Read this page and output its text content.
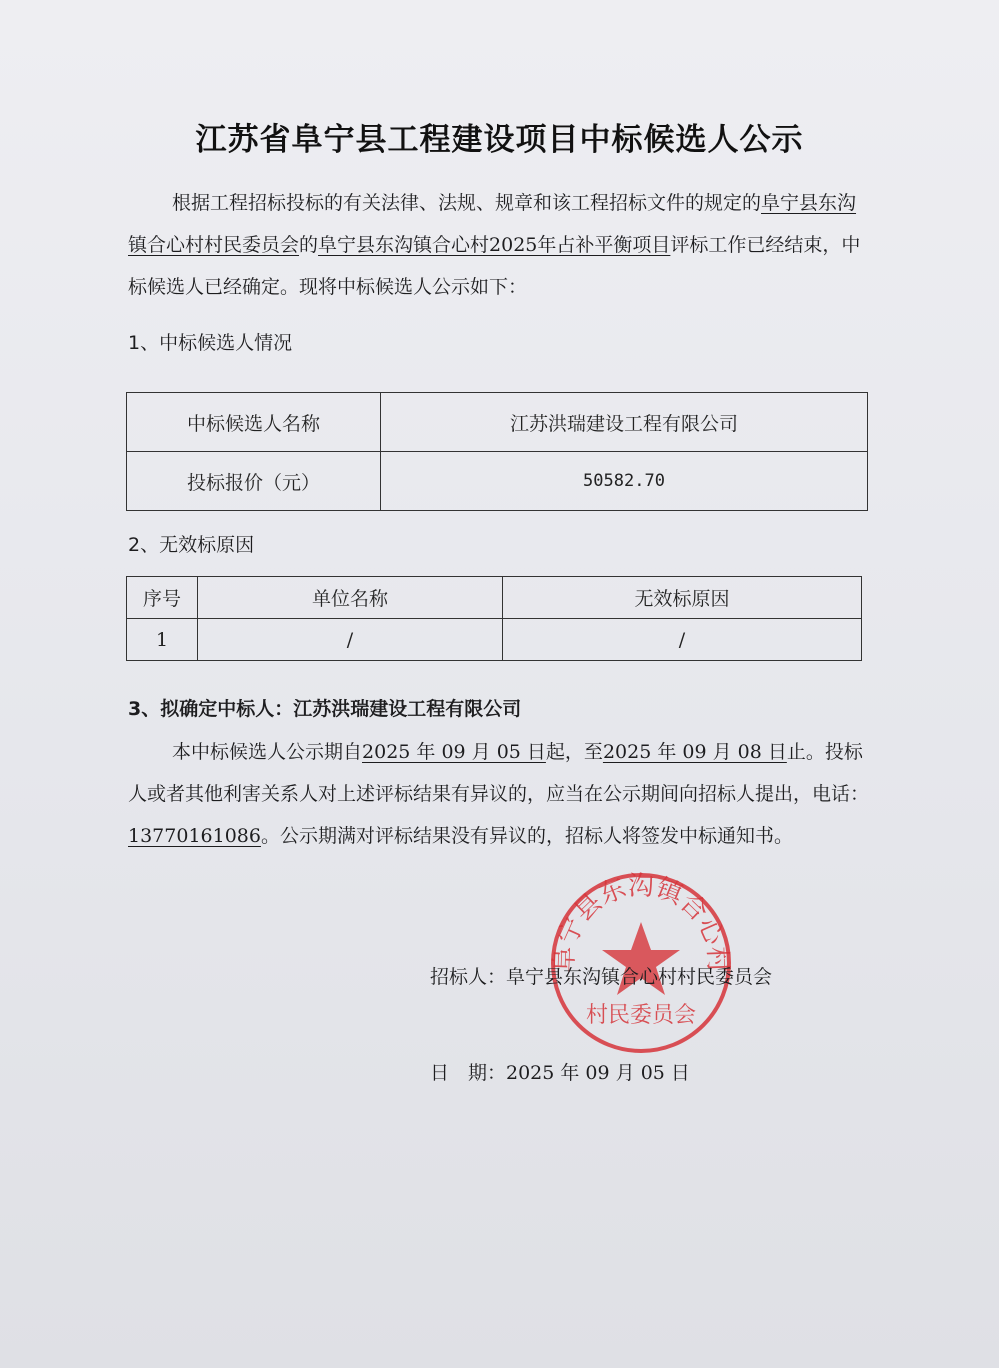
江苏省阜宁县工程建设项目中标候选人公示
根据工程招标投标的有关法律、法规、规章和该工程招标文件的规定的阜宁县东沟镇合心村村民委员会的阜宁县东沟镇合心村2025年占补平衡项目评标工作已经结束，中标候选人已经确定。现将中标候选人公示如下：
1、中标候选人情况
中标候选人名称	江苏洪瑞建设工程有限公司
投标报价（元）	50582.70
2、无效标原因
序号	单位名称	无效标原因
1	/	/
3、拟确定中标人：江苏洪瑞建设工程有限公司
本中标候选人公示期自2025 年 09 月 05 日起，至2025 年 09 月 08 日止。投标人或者其他利害关系人对上述评标结果有异议的，应当在公示期间向招标人提出，电话：13770161086。公示期满对评标结果没有异议的，招标人将签发中标通知书。
阜宁县东沟镇合心村
村民委员会
招标人：阜宁县东沟镇合心村村民委员会
日　期：2025 年 09 月 05 日
